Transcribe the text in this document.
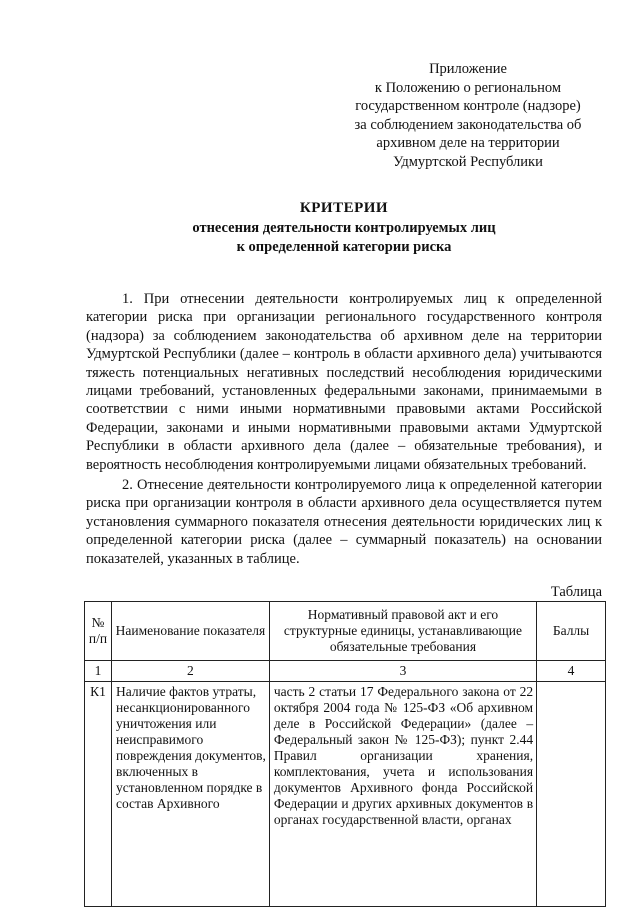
Приложение
к Положению о региональном
государственном контроле (надзоре)
за соблюдением законодательства об
архивном деле на территории
Удмуртской Республики
КРИТЕРИИ
отнесения деятельности контролируемых лиц
к определенной категории риска

1. При отнесении деятельности контролируемых лиц к определенной категории риска при организации регионального государственного контроля (надзора) за соблюдением законодательства об архивном деле на территории Удмуртской Республики (далее – контроль в области архивного дела) учитываются тяжесть потенциальных негативных последствий несоблюдения юридическими лицами требований, установленных федеральными законами, принимаемыми в соответствии с ними иными нормативными правовыми актами Российской Федерации, законами и иными нормативными правовыми актами Удмуртской Республики в области архивного дела (далее – обязательные требования), и вероятность несоблюдения контролируемыми лицами обязательных требований.

2. Отнесение деятельности контролируемого лица к определенной категории риска при организации контроля в области архивного дела осуществляется путем установления суммарного показателя отнесения деятельности юридических лиц к определенной категории риска (далее – суммарный показатель) на основании показателей, указанных в таблице.

Таблица
№ п/п	Наименование показателя	Нормативный правовой акт и его структурные единицы, устанавливающие обязательные требования	Баллы
1	2	3	4
К1	Наличие фактов утраты, несанкционированного уничтожения или неисправимого повреждения документов, включенных в установленном порядке в состав Архивного	часть 2 статьи 17 Федерального закона от 22 октября 2004 года № 125-ФЗ «Об архивном деле в Российской Федерации» (далее – Федеральный закон № 125-ФЗ); пункт 2.44 Правил организации хранения, комплектования, учета и использования документов Архивного фонда Российской Федерации и других архивных документов в органах государственной власти, органах	
